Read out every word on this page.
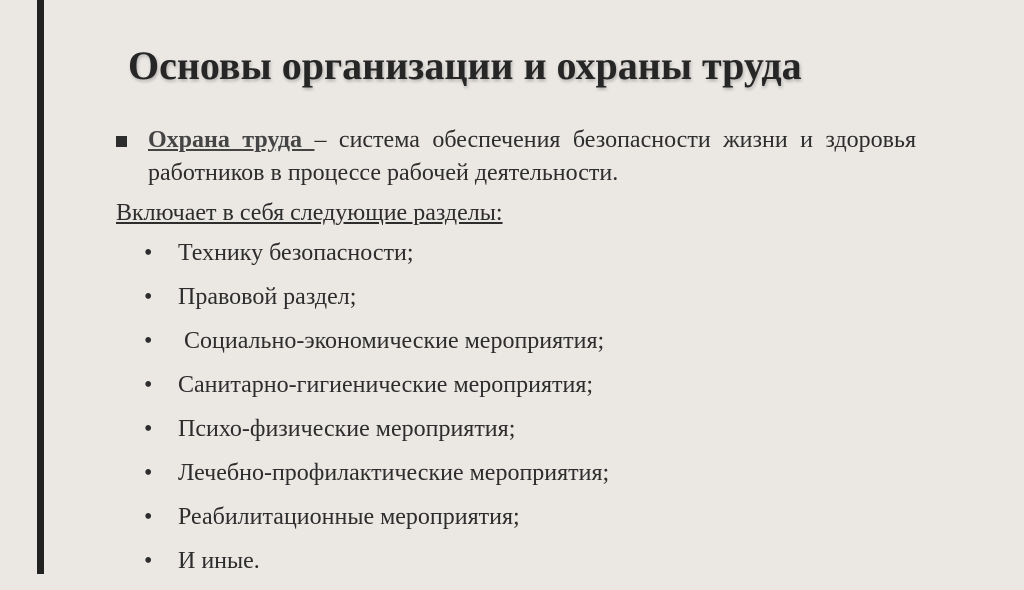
Основы организации и охраны труда
Охрана труда – система обеспечения безопасности жизни и здоровья работников в процессе рабочей деятельности.
Включает в себя следующие разделы:
• Технику безопасности;
• Правовой раздел;
• Социально-экономические мероприятия;
• Санитарно-гигиенические мероприятия;
• Психо-физические мероприятия;
• Лечебно-профилактические мероприятия;
• Реабилитационные мероприятия;
• И иные.
